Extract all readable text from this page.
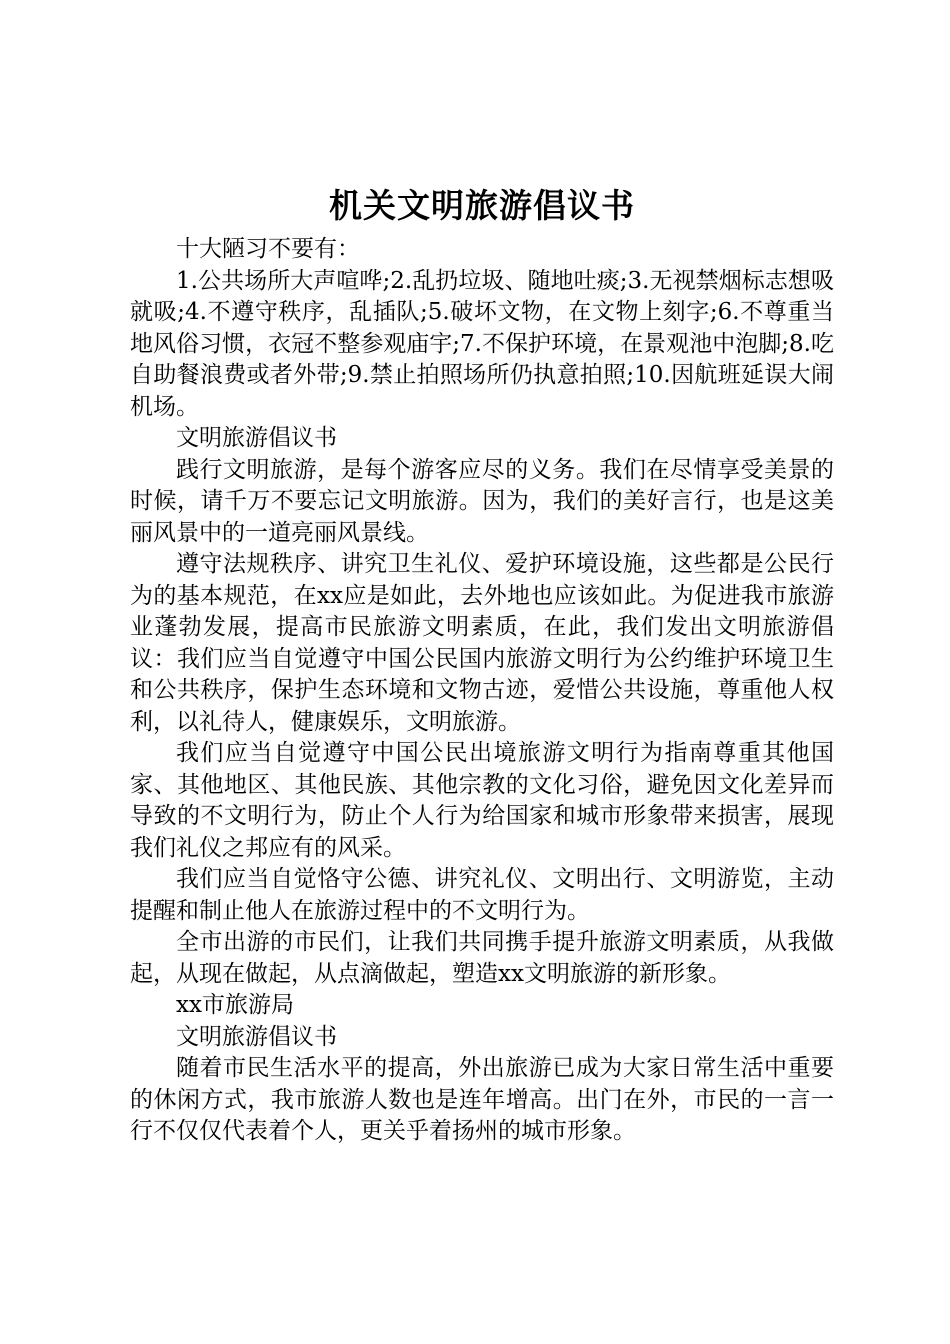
机关文明旅游倡议书

十大陋习不要有：

1.公共场所大声喧哗;2.乱扔垃圾、随地吐痰;3.无视禁烟标志想吸就吸;4.不遵守秩序，乱插队;5.破坏文物，在文物上刻字;6.不尊重当地风俗习惯，衣冠不整参观庙宇;7.不保护环境，在景观池中泡脚;8.吃自助餐浪费或者外带;9.禁止拍照场所仍执意拍照;10.因航班延误大闹机场。

文明旅游倡议书

践行文明旅游，是每个游客应尽的义务。我们在尽情享受美景的时候，请千万不要忘记文明旅游。因为，我们的美好言行，也是这美丽风景中的一道亮丽风景线。

遵守法规秩序、讲究卫生礼仪、爱护环境设施，这些都是公民行为的基本规范，在xx应是如此，去外地也应该如此。为促进我市旅游业蓬勃发展，提高市民旅游文明素质，在此，我们发出文明旅游倡议：我们应当自觉遵守中国公民国内旅游文明行为公约维护环境卫生和公共秩序，保护生态环境和文物古迹，爱惜公共设施，尊重他人权利，以礼待人，健康娱乐，文明旅游。

我们应当自觉遵守中国公民出境旅游文明行为指南尊重其他国家、其他地区、其他民族、其他宗教的文化习俗，避免因文化差异而导致的不文明行为，防止个人行为给国家和城市形象带来损害，展现我们礼仪之邦应有的风采。

我们应当自觉恪守公德、讲究礼仪、文明出行、文明游览，主动提醒和制止他人在旅游过程中的不文明行为。

全市出游的市民们，让我们共同携手提升旅游文明素质，从我做起，从现在做起，从点滴做起，塑造xx文明旅游的新形象。

xx市旅游局

文明旅游倡议书

随着市民生活水平的提高，外出旅游已成为大家日常生活中重要的休闲方式，我市旅游人数也是连年增高。出门在外，市民的一言一行不仅仅代表着个人，更关乎着扬州的城市形象。
